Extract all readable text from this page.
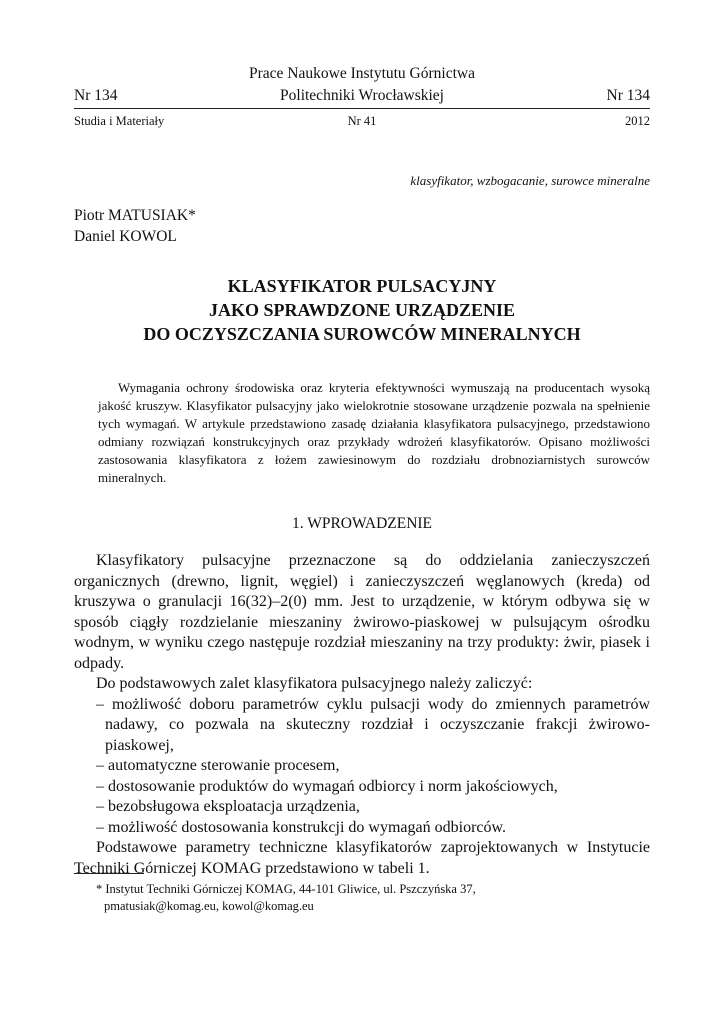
Prace Naukowe Instytutu Górnictwa
Nr 134	Politechniki Wrocławskiej	Nr 134
Studia i Materiały	Nr 41	2012
klasyfikator, wzbogacanie, surowce mineralne
Piotr MATUSIAK*
Daniel KOWOL
KLASYFIKATOR PULSACYJNY
JAKO SPRAWDZONE URZĄDZENIE
DO OCZYSZCZANIA SUROWCÓW MINERALNYCH
Wymagania ochrony środowiska oraz kryteria efektywności wymuszają na producentach wysoką jakość kruszyw. Klasyfikator pulsacyjny jako wielokrotnie stosowane urządzenie pozwala na spełnienie tych wymagań. W artykule przedstawiono zasadę działania klasyfikatora pulsacyjnego, przedstawiono odmiany rozwiązań konstrukcyjnych oraz przykłady wdrożeń klasyfikatorów. Opisano możliwości zastosowania klasyfikatora z łożem zawiesinowym do rozdziału drobnoziarnistych surowców mineralnych.
1. WPROWADZENIE

Klasyfikatory pulsacyjne przeznaczone są do oddzielania zanieczyszczeń organicznych (drewno, lignit, węgiel) i zanieczyszczeń węglanowych (kreda) od kruszywa o granulacji 16(32)–2(0) mm. Jest to urządzenie, w którym odbywa się w sposób ciągły rozdzielanie mieszaniny żwirowo-piaskowej w pulsującym ośrodku wodnym, w wyniku czego następuje rozdział mieszaniny na trzy produkty: żwir, piasek i odpady.

Do podstawowych zalet klasyfikatora pulsacyjnego należy zaliczyć:

– możliwość doboru parametrów cyklu pulsacji wody do zmiennych parametrów nadawy, co pozwala na skuteczny rozdział i oczyszczanie frakcji żwirowo-piaskowej,
– automatyczne sterowanie procesem,
– dostosowanie produktów do wymagań odbiorcy i norm jakościowych,
– bezobsługowa eksploatacja urządzenia,
– możliwość dostosowania konstrukcji do wymagań odbiorców.

Podstawowe parametry techniczne klasyfikatorów zaprojektowanych w Instytucie Techniki Górniczej KOMAG przedstawiono w tabeli 1.

* Instytut Techniki Górniczej KOMAG, 44-101 Gliwice, ul. Pszczyńska 37,
pmatusiak@komag.eu, kowol@komag.eu
